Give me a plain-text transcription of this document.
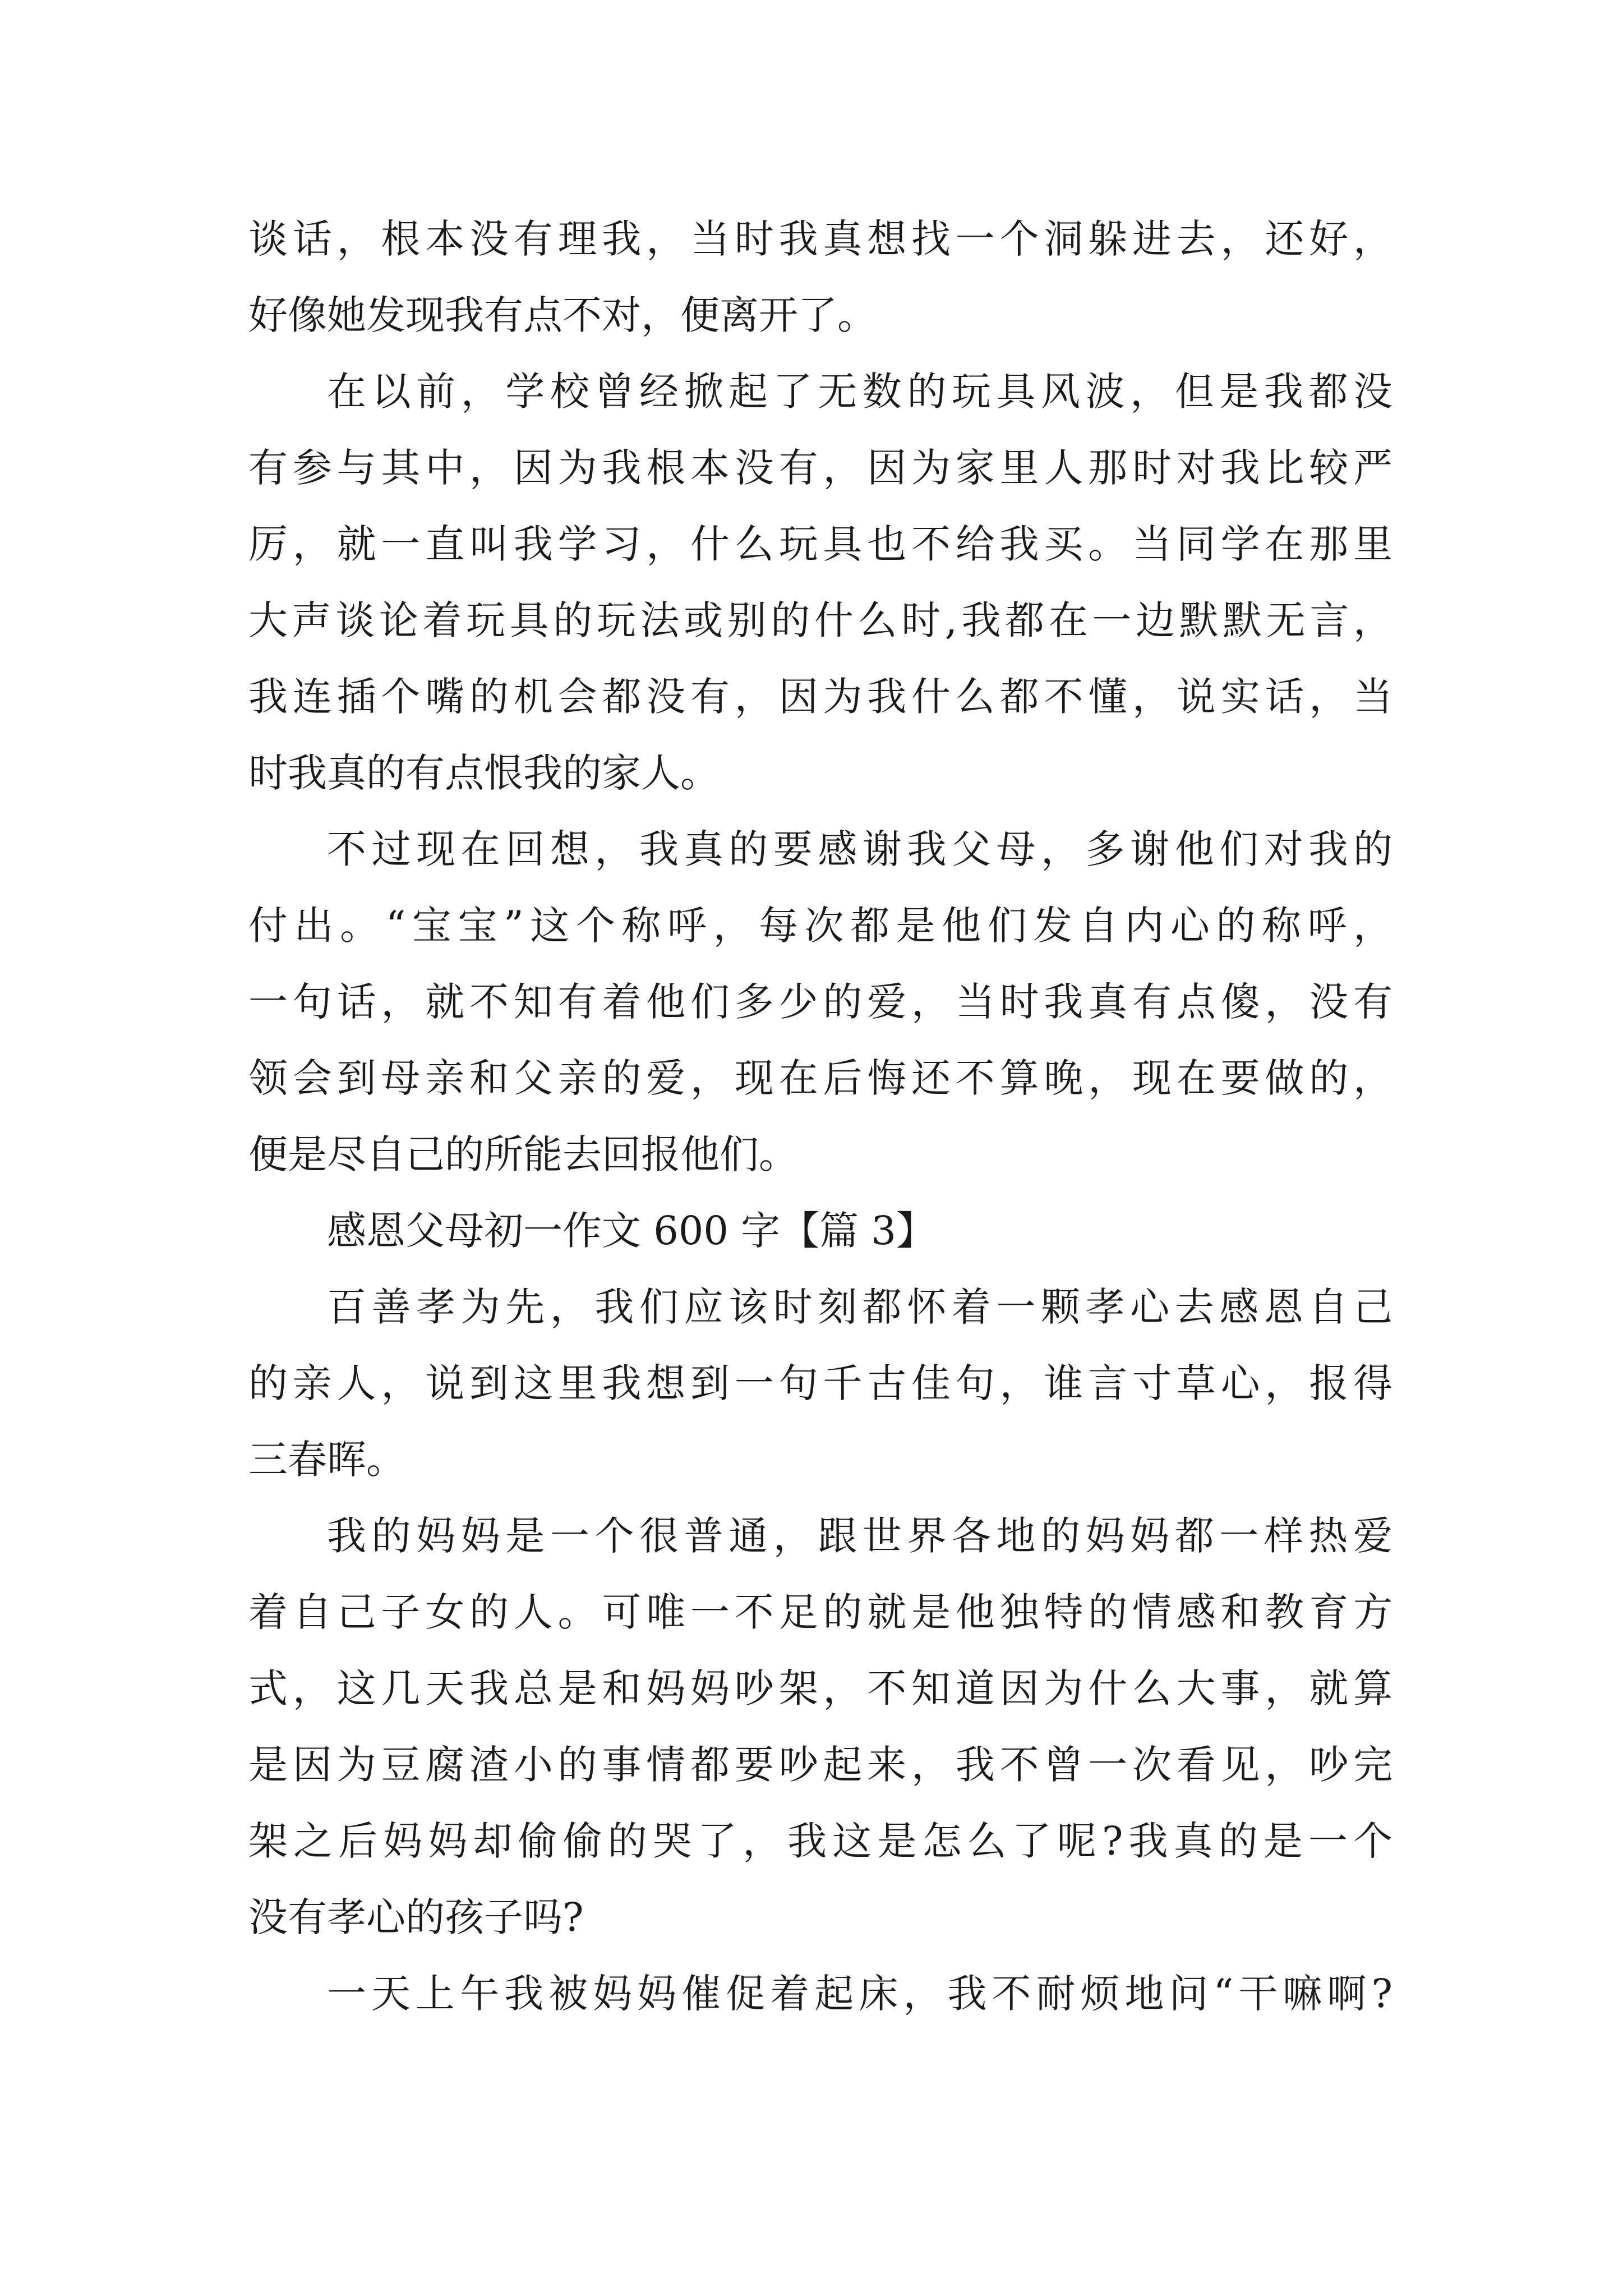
谈话，根本没有理我，当时我真想找一个洞躲进去，还好，
好像她发现我有点不对，便离开了。
在以前，学校曾经掀起了无数的玩具风波，但是我都没
有参与其中，因为我根本没有，因为家里人那时对我比较严
厉，就一直叫我学习，什么玩具也不给我买。当同学在那里
大声谈论着玩具的玩法或别的什么时,我都在一边默默无言，
我连插个嘴的机会都没有，因为我什么都不懂，说实话，当
时我真的有点恨我的家人。
不过现在回想，我真的要感谢我父母，多谢他们对我的
付出。“宝宝”这个称呼，每次都是他们发自内心的称呼，
一句话，就不知有着他们多少的爱，当时我真有点傻，没有
领会到母亲和父亲的爱，现在后悔还不算晚，现在要做的，
便是尽自己的所能去回报他们。
感恩父母初一作文 600 字【篇 3】
百善孝为先，我们应该时刻都怀着一颗孝心去感恩自己
的亲人，说到这里我想到一句千古佳句，谁言寸草心，报得
三春晖。
我的妈妈是一个很普通，跟世界各地的妈妈都一样热爱
着自己子女的人。可唯一不足的就是他独特的情感和教育方
式，这几天我总是和妈妈吵架，不知道因为什么大事，就算
是因为豆腐渣小的事情都要吵起来，我不曾一次看见，吵完
架之后妈妈却偷偷的哭了，我这是怎么了呢?我真的是一个
没有孝心的孩子吗?
一天上午我被妈妈催促着起床，我不耐烦地问“干嘛啊?
